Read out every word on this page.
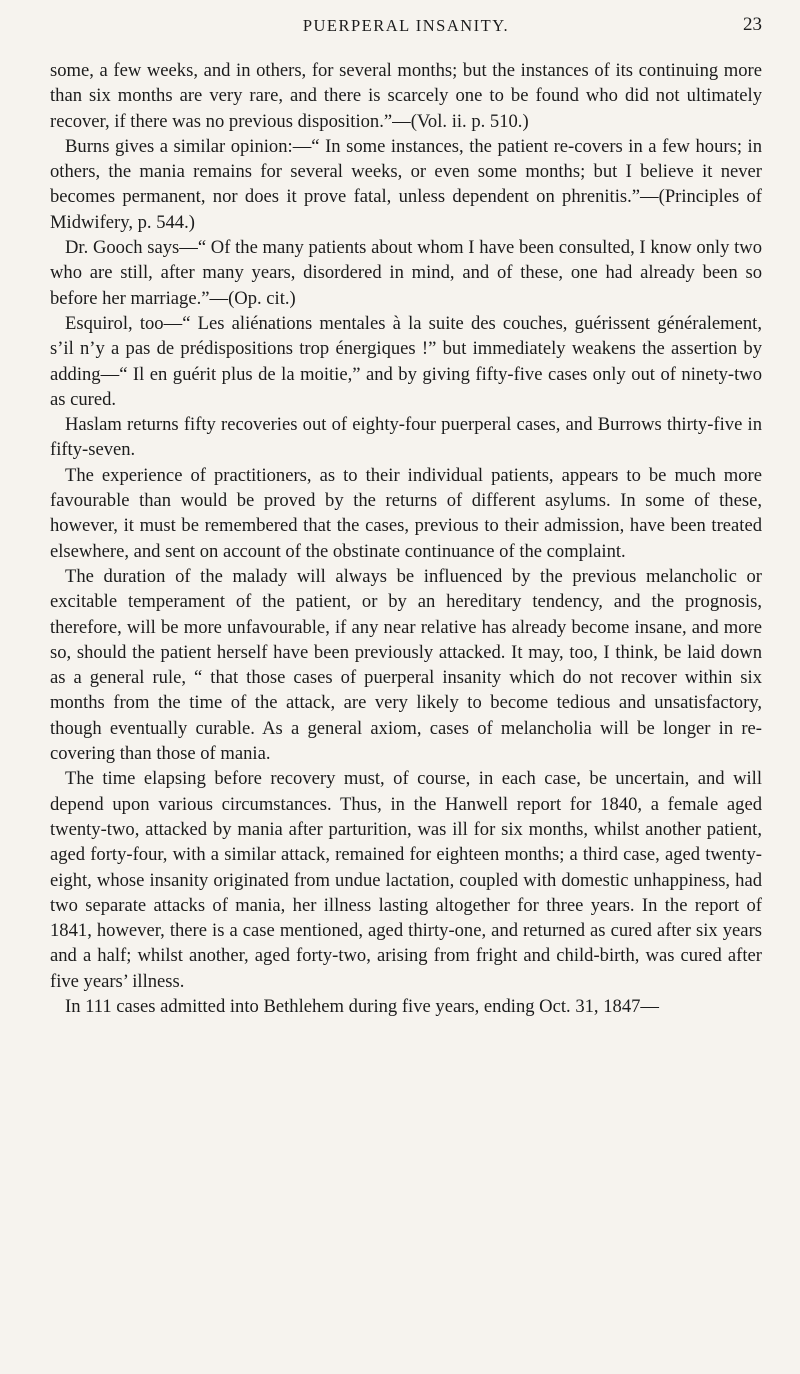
PUERPERAL INSANITY.	23

some, a few weeks, and in others, for several months; but the instances of its continuing more than six months are very rare, and there is scarcely one to be found who did not ultimately recover, if there was no previous disposition.”—(Vol. ii. p. 510.)

Burns gives a similar opinion:—“ In some instances, the patient re-covers in a few hours; in others, the mania remains for several weeks, or even some months; but I believe it never becomes permanent, nor does it prove fatal, unless dependent on phrenitis.”—(Principles of Midwifery, p. 544.)

Dr. Gooch says—“ Of the many patients about whom I have been consulted, I know only two who are still, after many years, disordered in mind, and of these, one had already been so before her marriage.”—(Op. cit.)

Esquirol, too—“ Les aliénations mentales à la suite des couches, guérissent généralement, s’il n’y a pas de prédispositions trop énergiques !” but immediately weakens the assertion by adding—“ Il en guérit plus de la moitie,” and by giving fifty-five cases only out of ninety-two as cured.

Haslam returns fifty recoveries out of eighty-four puerperal cases, and Burrows thirty-five in fifty-seven.

The experience of practitioners, as to their individual patients, appears to be much more favourable than would be proved by the returns of different asylums. In some of these, however, it must be remembered that the cases, previous to their admission, have been treated elsewhere, and sent on account of the obstinate continuance of the complaint.

The duration of the malady will always be influenced by the previous melancholic or excitable temperament of the patient, or by an hereditary tendency, and the prognosis, therefore, will be more unfavourable, if any near relative has already become insane, and more so, should the patient herself have been previously attacked. It may, too, I think, be laid down as a general rule, “ that those cases of puerperal insanity which do not recover within six months from the time of the attack, are very likely to become tedious and unsatisfactory, though eventually curable. As a general axiom, cases of melancholia will be longer in re-covering than those of mania.

The time elapsing before recovery must, of course, in each case, be uncertain, and will depend upon various circumstances. Thus, in the Hanwell report for 1840, a female aged twenty-two, attacked by mania after parturition, was ill for six months, whilst another patient, aged forty-four, with a similar attack, remained for eighteen months; a third case, aged twenty-eight, whose insanity originated from undue lactation, coupled with domestic unhappiness, had two separate attacks of mania, her illness lasting altogether for three years. In the report of 1841, however, there is a case mentioned, aged thirty-one, and returned as cured after six years and a half; whilst another, aged forty-two, arising from fright and child-birth, was cured after five years’ illness.

In 111 cases admitted into Bethlehem during five years, ending Oct. 31, 1847—
